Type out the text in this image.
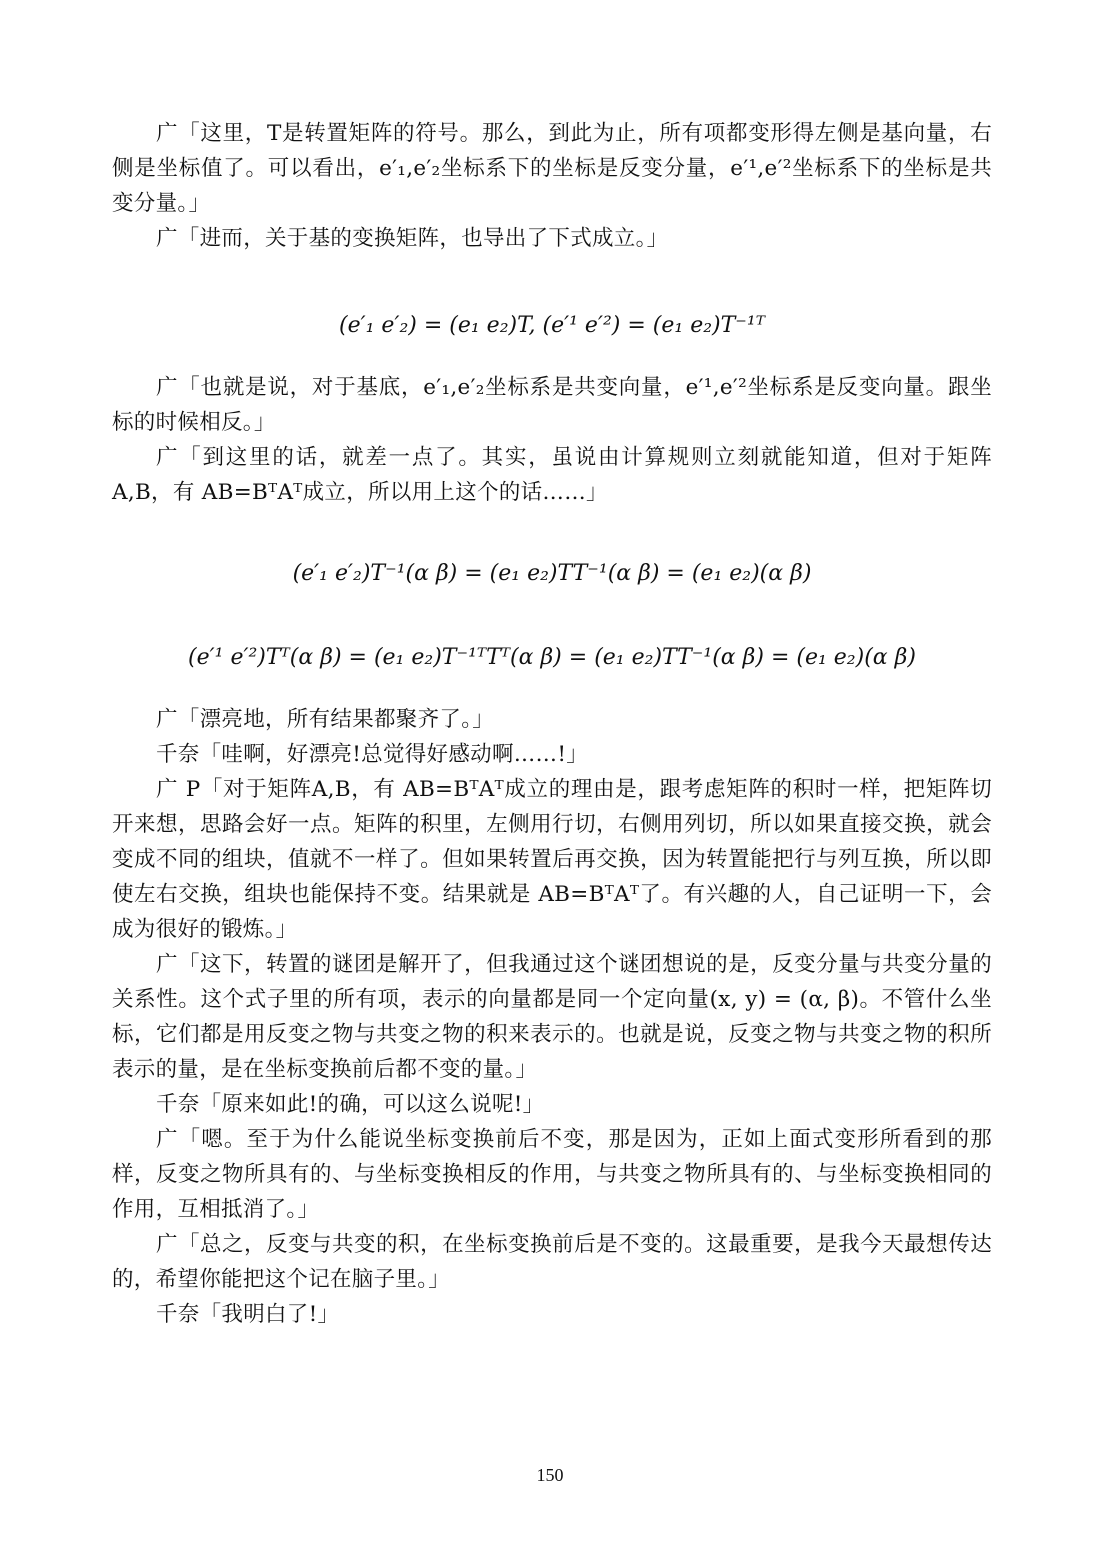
广「这里，T是转置矩阵的符号。那么，到此为止，所有项都变形得左侧是基向量，右侧是坐标值了。可以看出，e′₁,e′₂坐标系下的坐标是反变分量，e′¹,e′²坐标系下的坐标是共变分量。」

广「进而，关于基的变换矩阵，也导出了下式成立。」

(e′₁ e′₂) = (e₁ e₂)T, (e′¹ e′²) = (e₁ e₂)T⁻¹ᵀ

广「也就是说，对于基底，e′₁,e′₂坐标系是共变向量，e′¹,e′²坐标系是反变向量。跟坐标的时候相反。」

广「到这里的话，就差一点了。其实，虽说由计算规则立刻就能知道，但对于矩阵A,B，有 AB=BᵀAᵀ成立，所以用上这个的话……」

(e′₁ e′₂)T⁻¹(α β) = (e₁ e₂)TT⁻¹(α β) = (e₁ e₂)(α β)
(e′¹ e′²)Tᵀ(α β) = (e₁ e₂)T⁻¹ᵀTᵀ(α β) = (e₁ e₂)TT⁻¹(α β) = (e₁ e₂)(α β)

广「漂亮地，所有结果都聚齐了。」

千奈「哇啊，好漂亮!总觉得好感动啊……!」

广 P「对于矩阵A,B，有 AB=BᵀAᵀ成立的理由是，跟考虑矩阵的积时一样，把矩阵切开来想，思路会好一点。矩阵的积里，左侧用行切，右侧用列切，所以如果直接交换，就会变成不同的组块，值就不一样了。但如果转置后再交换，因为转置能把行与列互换，所以即使左右交换，组块也能保持不变。结果就是 AB=BᵀAᵀ了。有兴趣的人，自己证明一下，会成为很好的锻炼。」

广「这下，转置的谜团是解开了，但我通过这个谜团想说的是，反变分量与共变分量的关系性。这个式子里的所有项，表示的向量都是同一个定向量(x, y) = (α, β)。不管什么坐标，它们都是用反变之物与共变之物的积来表示的。也就是说，反变之物与共变之物的积所表示的量，是在坐标变换前后都不变的量。」

千奈「原来如此!的确，可以这么说呢!」

广「嗯。至于为什么能说坐标变换前后不变，那是因为，正如上面式变形所看到的那样，反变之物所具有的、与坐标变换相反的作用，与共变之物所具有的、与坐标变换相同的作用，互相抵消了。」

广「总之，反变与共变的积，在坐标变换前后是不变的。这最重要，是我今天最想传达的，希望你能把这个记在脑子里。」

千奈「我明白了!」

150
